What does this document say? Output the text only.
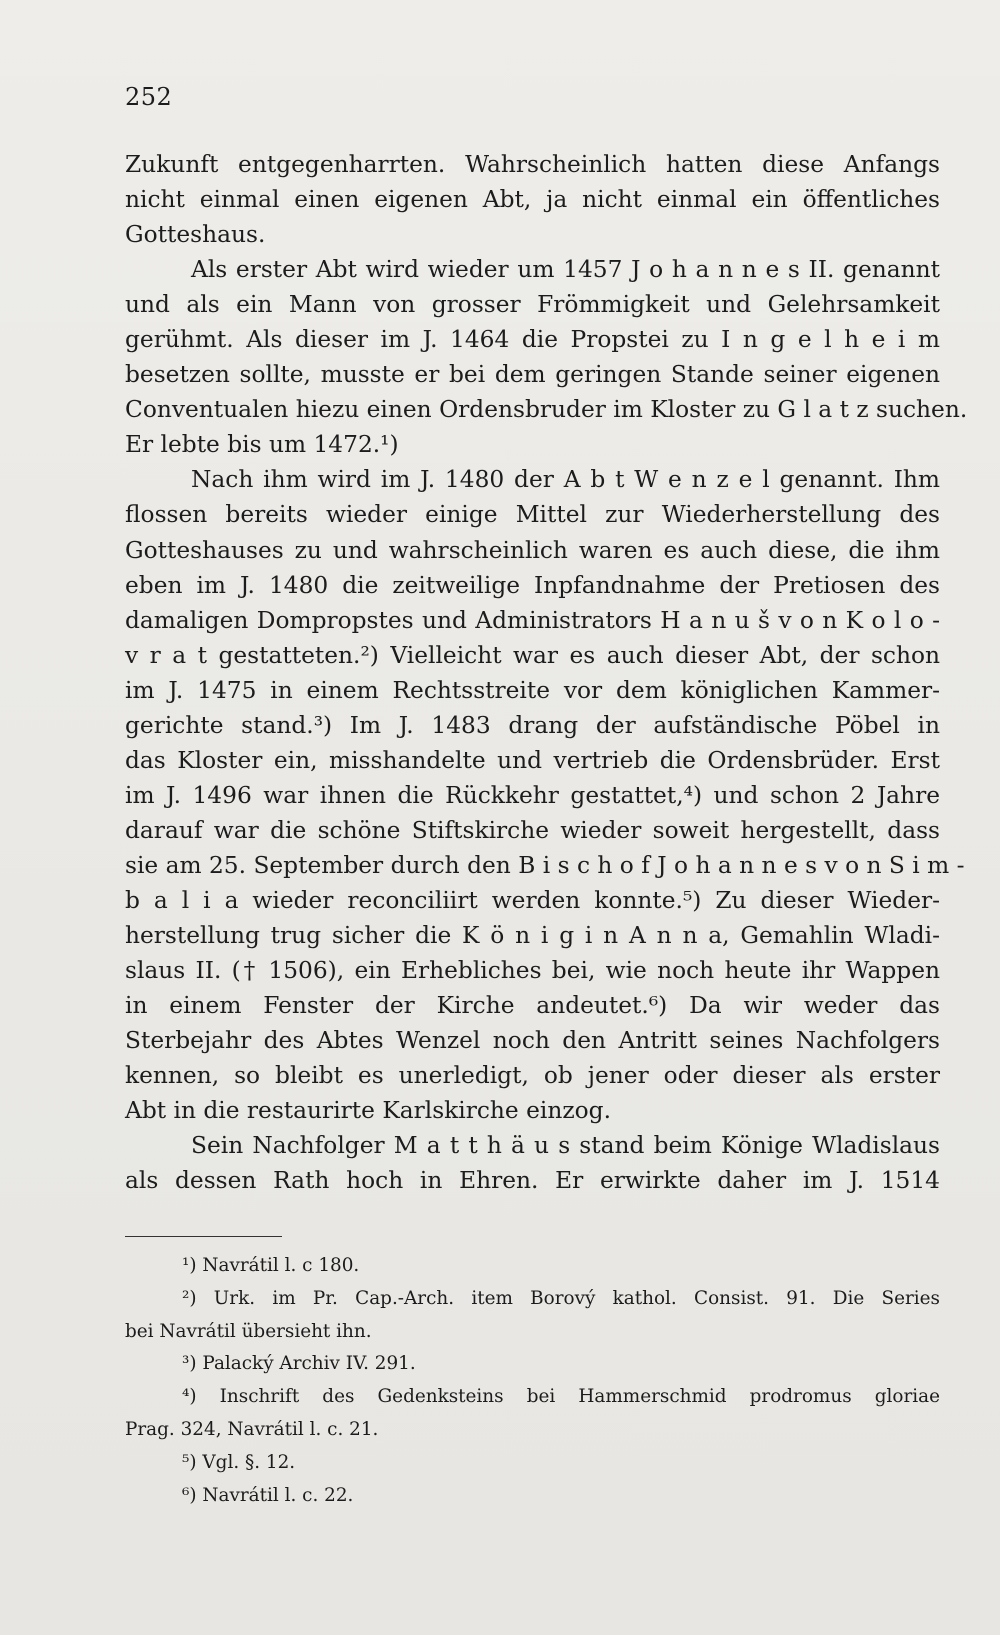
252
Zukunft entgegenharrten. Wahrscheinlich hatten diese Anfangs
nicht einmal einen eigenen Abt, ja nicht einmal ein öffentliches
Gotteshaus.
Als erster Abt wird wieder um 1457 J o h a n n e s II. genannt
und als ein Mann von grosser Frömmigkeit und Gelehrsamkeit
gerühmt. Als dieser im J. 1464 die Propstei zu I n g e l h e i m
besetzen sollte, musste er bei dem geringen Stande seiner eigenen
Conventualen hiezu einen Ordensbruder im Kloster zu G l a t z suchen.
Er lebte bis um 1472.¹)
Nach ihm wird im J. 1480 der A b t W e n z e l genannt. Ihm
flossen bereits wieder einige Mittel zur Wiederherstellung des
Gotteshauses zu und wahrscheinlich waren es auch diese, die ihm
eben im J. 1480 die zeitweilige Inpfandnahme der Pretiosen des
damaligen Dompropstes und Administrators H a n u š v o n K o l o -
v r a t gestatteten.²) Vielleicht war es auch dieser Abt, der schon
im J. 1475 in einem Rechtsstreite vor dem königlichen Kammer-
gerichte stand.³) Im J. 1483 drang der aufständische Pöbel in
das Kloster ein, misshandelte und vertrieb die Ordensbrüder. Erst
im J. 1496 war ihnen die Rückkehr gestattet,⁴) und schon 2 Jahre
darauf war die schöne Stiftskirche wieder soweit hergestellt, dass
sie am 25. September durch den B i s c h o f J o h a n n e s v o n S i m -
b a l i a wieder reconciliirt werden konnte.⁵) Zu dieser Wieder-
herstellung trug sicher die K ö n i g i n A n n a, Gemahlin Wladi-
slaus II. († 1506), ein Erhebliches bei, wie noch heute ihr Wappen
in einem Fenster der Kirche andeutet.⁶) Da wir weder das
Sterbejahr des Abtes Wenzel noch den Antritt seines Nachfolgers
kennen, so bleibt es unerledigt, ob jener oder dieser als erster
Abt in die restaurirte Karlskirche einzog.
Sein Nachfolger M a t t h ä u s stand beim Könige Wladislaus
als dessen Rath hoch in Ehren. Er erwirkte daher im J. 1514
¹) Navrátil l. c 180.
²) Urk. im Pr. Cap.-Arch. item Borový kathol. Consist. 91. Die Series
bei Navrátil übersieht ihn.
³) Palacký Archiv IV. 291.
⁴) Inschrift des Gedenksteins bei Hammerschmid prodromus gloriae
Prag. 324, Navrátil l. c. 21.
⁵) Vgl. §. 12.
⁶) Navrátil l. c. 22.
